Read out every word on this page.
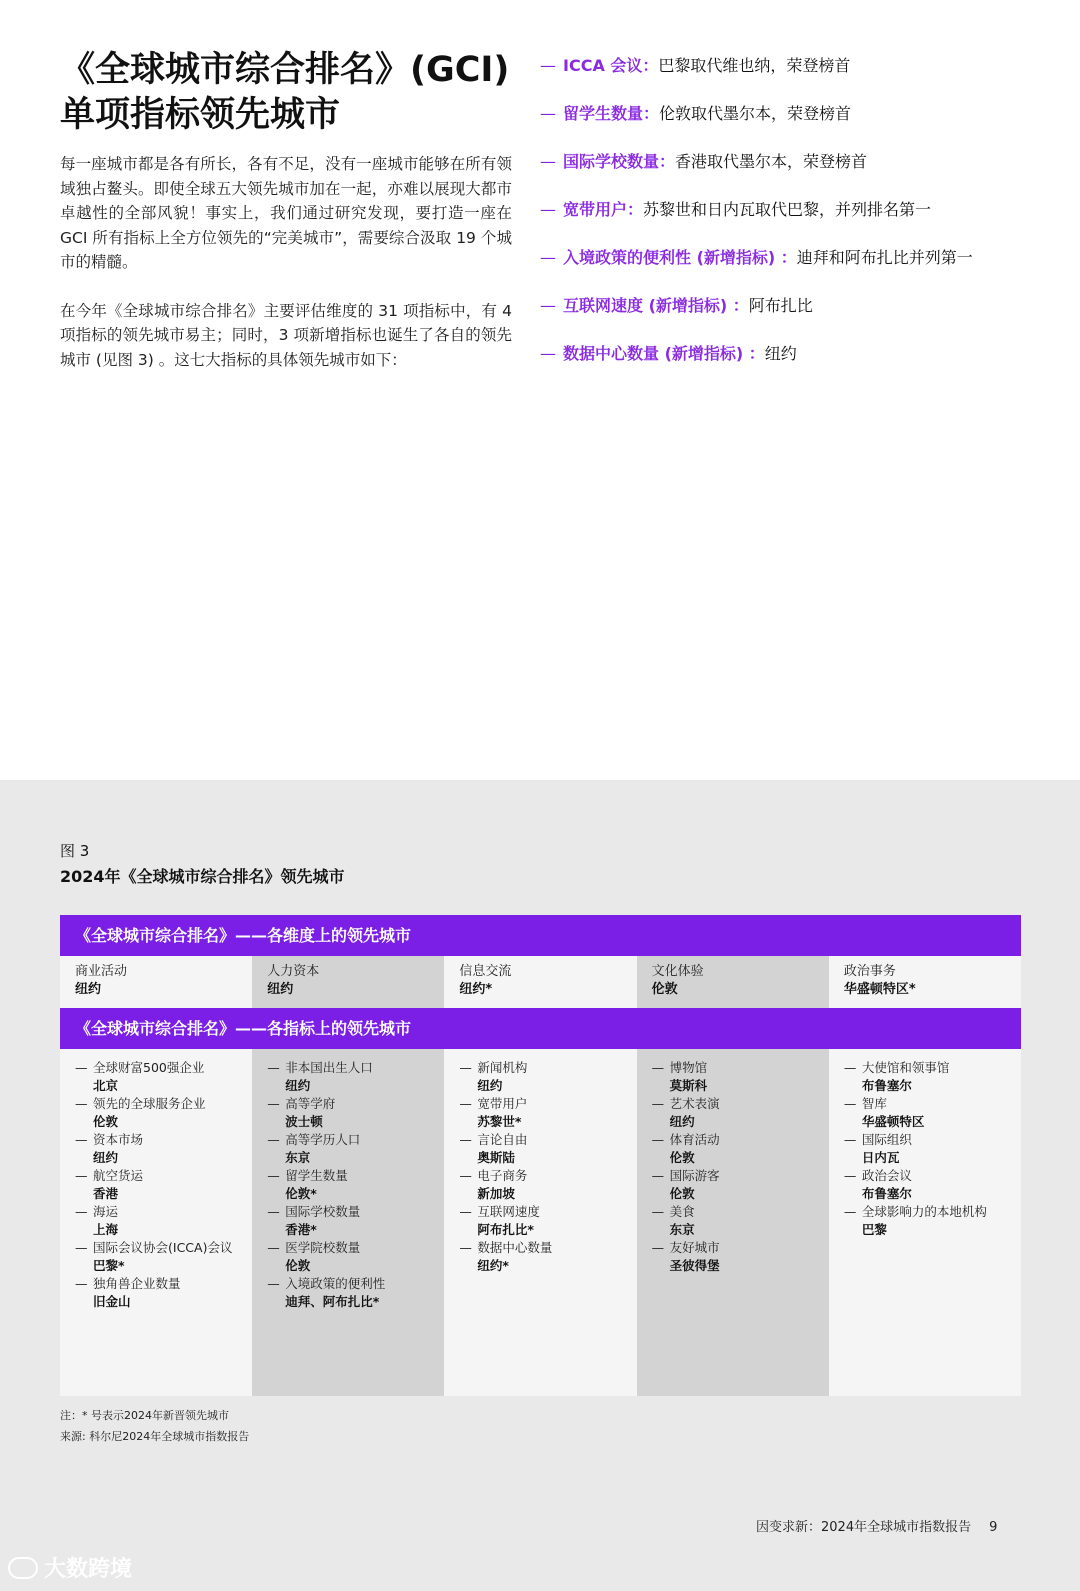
《全球城市综合排名》(GCI)
单项指标领先城市

每一座城市都是各有所长，各有不足，没有一座城市能够在所有领域独占鳌头。即使全球五大领先城市加在一起，亦难以展现大都市卓越性的全部风貌！事实上，我们通过研究发现，要打造一座在 GCI 所有指标上全方位领先的“完美城市”，需要综合汲取 19 个城市的精髓。

在今年《全球城市综合排名》主要评估维度的 31 项指标中，有 4 项指标的领先城市易主；同时，3 项新增指标也诞生了各自的领先城市 (见图 3) 。这七大指标的具体领先城市如下：

— ICCA 会议：巴黎取代维也纳，荣登榜首
— 留学生数量：伦敦取代墨尔本，荣登榜首
— 国际学校数量：香港取代墨尔本，荣登榜首
— 宽带用户：苏黎世和日内瓦取代巴黎，并列排名第一
— 入境政策的便利性 (新增指标) ：迪拜和阿布扎比并列第一
— 互联网速度 (新增指标) ：阿布扎比
— 数据中心数量 (新增指标) ：纽约
图 3
2024年《全球城市综合排名》领先城市
《全球城市综合排名》——各维度上的领先城市
商业活动
纽约
人力资本
纽约
信息交流
纽约*
文化体验
伦敦
政治事务
华盛顿特区*
《全球城市综合排名》——各指标上的领先城市
— 全球财富500强企业
北京
— 领先的全球服务企业
伦敦
— 资本市场
纽约
— 航空货运
香港
— 海运
上海
— 国际会议协会(ICCA)会议
巴黎*
— 独角兽企业数量
旧金山
— 非本国出生人口
纽约
— 高等学府
波士顿
— 高等学历人口
东京
— 留学生数量
伦敦*
— 国际学校数量
香港*
— 医学院校数量
伦敦
— 入境政策的便利性
迪拜、阿布扎比*
— 新闻机构
纽约
— 宽带用户
苏黎世*
— 言论自由
奥斯陆
— 电子商务
新加坡
— 互联网速度
阿布扎比*
— 数据中心数量
纽约*
— 博物馆
莫斯科
— 艺术表演
纽约
— 体育活动
伦敦
— 国际游客
伦敦
— 美食
东京
— 友好城市
圣彼得堡
— 大使馆和领事馆
布鲁塞尔
— 智库
华盛顿特区
— 国际组织
日内瓦
— 政治会议
布鲁塞尔
— 全球影响力的本地机构
巴黎
注：* 号表示2024年新晋领先城市
来源: 科尔尼2024年全球城市指数报告
因变求新：2024年全球城市指数报告 9
大数跨境
